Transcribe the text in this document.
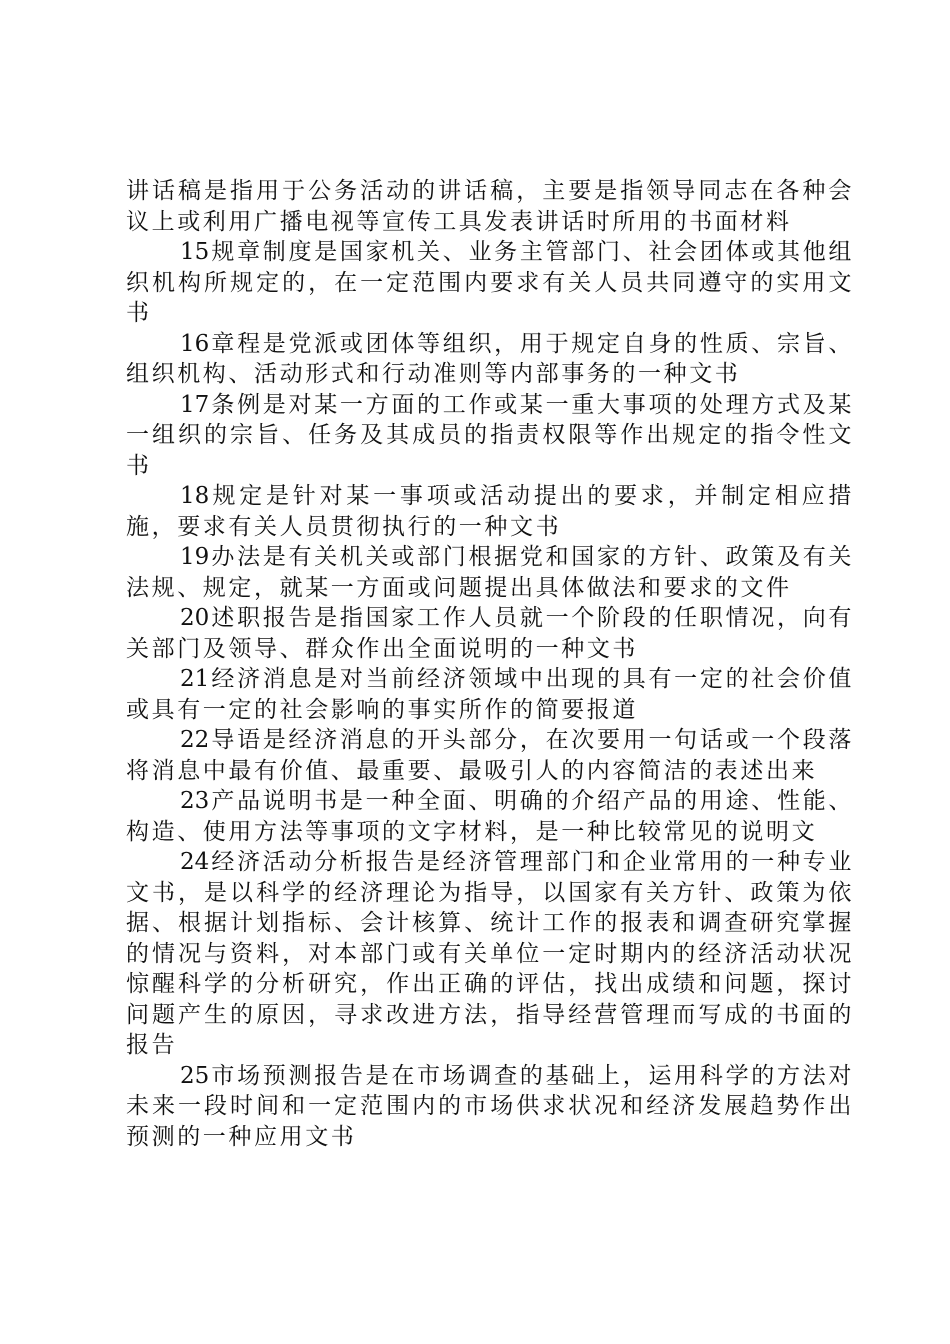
讲话稿是指用于公务活动的讲话稿，主要是指领导同志在各种会议上或利用广播电视等宣传工具发表讲话时所用的书面材料

15规章制度是国家机关、业务主管部门、社会团体或其他组织机构所规定的，在一定范围内要求有关人员共同遵守的实用文书

16章程是党派或团体等组织，用于规定自身的性质、宗旨、组织机构、活动形式和行动准则等内部事务的一种文书

17条例是对某一方面的工作或某一重大事项的处理方式及某一组织的宗旨、任务及其成员的指责权限等作出规定的指令性文书

18规定是针对某一事项或活动提出的要求，并制定相应措施，要求有关人员贯彻执行的一种文书

19办法是有关机关或部门根据党和国家的方针、政策及有关法规、规定，就某一方面或问题提出具体做法和要求的文件

20述职报告是指国家工作人员就一个阶段的任职情况，向有关部门及领导、群众作出全面说明的一种文书

21经济消息是对当前经济领域中出现的具有一定的社会价值或具有一定的社会影响的事实所作的简要报道

22导语是经济消息的开头部分，在次要用一句话或一个段落将消息中最有价值、最重要、最吸引人的内容简洁的表述出来

23产品说明书是一种全面、明确的介绍产品的用途、性能、构造、使用方法等事项的文字材料，是一种比较常见的说明文

24经济活动分析报告是经济管理部门和企业常用的一种专业文书，是以科学的经济理论为指导，以国家有关方针、政策为依据、根据计划指标、会计核算、统计工作的报表和调查研究掌握的情况与资料，对本部门或有关单位一定时期内的经济活动状况惊醒科学的分析研究，作出正确的评估，找出成绩和问题，探讨问题产生的原因，寻求改进方法，指导经营管理而写成的书面的报告

25市场预测报告是在市场调查的基础上，运用科学的方法对未来一段时间和一定范围内的市场供求状况和经济发展趋势作出预测的一种应用文书
